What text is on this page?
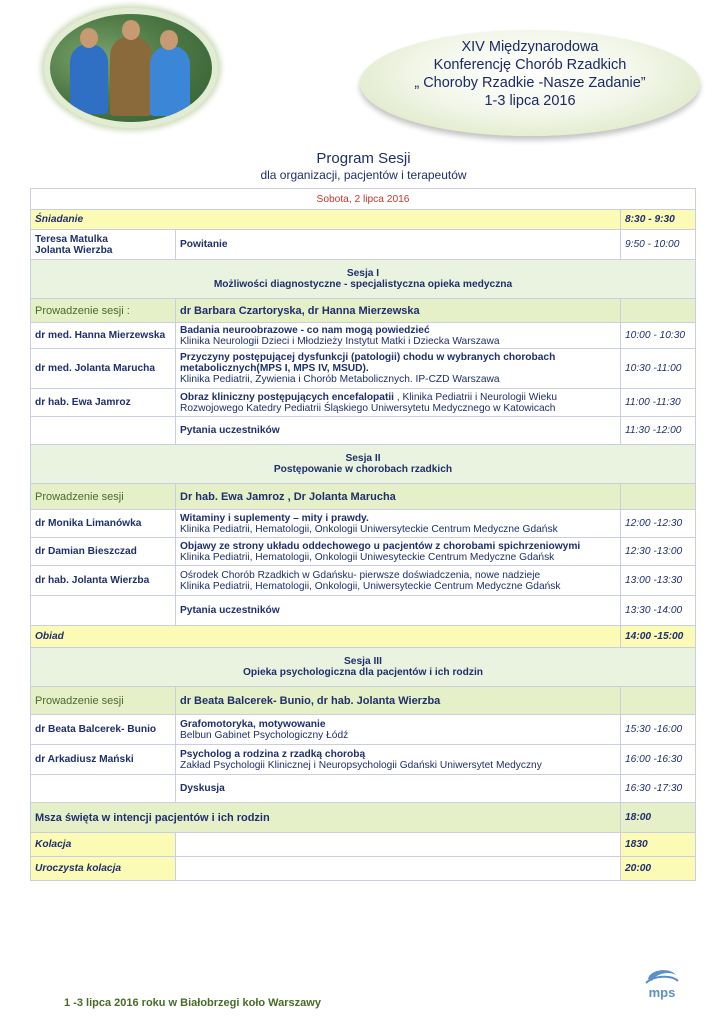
XIV Międzynarodowa
Konferencję Chorób Rzadkich
„ Choroby Rzadkie -Nasze Zadanie”
1-3 lipca 2016
Program Sesji
dla organizacji, pacjentów i terapeutów
Sobota, 2 lipca 2016		
Śniadanie		8:30 - 9:30

Teresa Matulka
Jolanta Wierzba	Powitanie	9:50 - 10:00

Sesja I
Możliwości diagnostyczne - specjalistyczna opieka medyczna		

Prowadzenie sesji :	dr Barbara Czartoryska, dr Hanna Mierzewska	
dr med. Hanna Mierzewska	Badania neuroobrazowe - co nam mogą powiedzieć
Klinika Neurologii Dzieci i Młodzieży Instytut Matki i Dziecka Warszawa	10:00 - 10:30
dr med. Jolanta Marucha	Przyczyny postępującej dysfunkcji (patologii) chodu w wybranych chorobach metabolicznych(MPS I, MPS IV, MSUD).
Klinika Pediatrii, Żywienia i Chorób Metabolicznych. IP-CZD Warszawa	10:30 -11:00
dr hab. Ewa Jamroz	Obraz kliniczny postępujących encefalopatii , Klinika Pediatrii i Neurologii Wieku Rozwojowego Katedry Pediatrii Śląskiego Uniwersytetu Medycznego w Katowicach	11:00 -11:30
	Pytania uczestników	11:30 -12:00

Sesja II
Postępowanie w chorobach rzadkich		

Prowadzenie sesji	Dr hab. Ewa Jamroz , Dr Jolanta Marucha	
dr Monika Limanówka	Witaminy i suplementy – mity i prawdy.
Klinika Pediatrii, Hematologii, Onkologii Uniwersyteckie Centrum Medyczne Gdańsk	12:00 -12:30
dr Damian Bieszczad	Objawy ze strony układu oddechowego u pacjentów z chorobami spichrzeniowymi
Klinika Pediatrii, Hematologii, Onkologii Uniwesyteckie Centrum Medyczne Gdańsk	12:30 -13:00
dr hab. Jolanta Wierzba	Ośrodek Chorób Rzadkich w Gdańsku- pierwsze doświadczenia, nowe nadzieje
Klinika Pediatrii, Hematologii, Onkologii, Uniwersyteckie Centrum Medyczne Gdańsk	13:00 -13:30
	Pytania uczestników	13:30 -14:00
Obiad		14:00 -15:00

Sesja III
Opieka psychologiczna dla pacjentów i ich rodzin		

Prowadzenie sesji	dr Beata Balcerek- Bunio, dr hab. Jolanta Wierzba	
dr Beata Balcerek- Bunio	Grafomotoryka, motywowanie
Belbun Gabinet Psychologiczny Łódź	15:30 -16:00
dr Arkadiusz Mański	Psycholog a rodzina z rzadką chorobą
Zakład Psychologii Klinicznej i Neuropsychologii Gdański Uniwersytet Medyczny	16:00 -16:30
	Dyskusja	16:30 -17:30
Msza święta w intencji pacjentów i ich rodzin		18:00
Kolacja		1830
Uroczysta kolacja		20:00
mps
1 -3 lipca 2016 roku w Białobrzegi koło Warszawy
